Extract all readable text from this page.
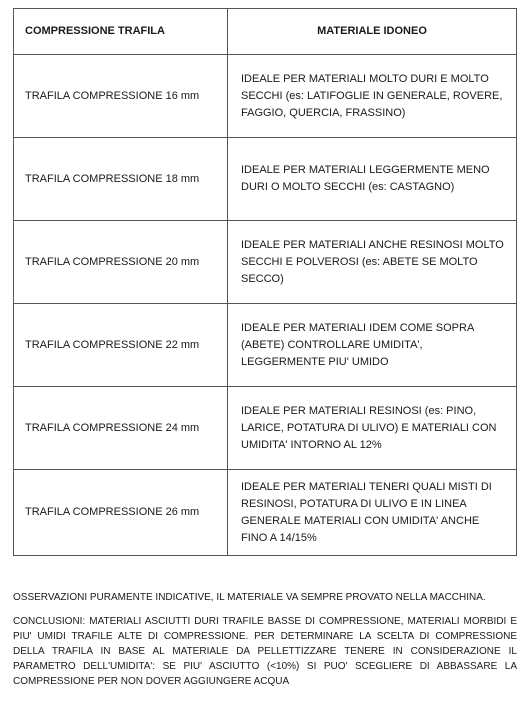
COMPRESSIONE TRAFILA	MATERIALE IDONEO
TRAFILA COMPRESSIONE 16 mm	IDEALE PER MATERIALI MOLTO DURI E MOLTO SECCHI (es: LATIFOGLIE IN GENERALE, ROVERE, FAGGIO, QUERCIA, FRASSINO)
TRAFILA COMPRESSIONE 18 mm	IDEALE PER MATERIALI LEGGERMENTE MENO DURI O MOLTO SECCHI (es: CASTAGNO)
TRAFILA COMPRESSIONE 20 mm	IDEALE PER MATERIALI ANCHE RESINOSI MOLTO SECCHI E POLVEROSI (es: ABETE SE MOLTO SECCO)
TRAFILA COMPRESSIONE 22 mm	IDEALE PER MATERIALI IDEM COME SOPRA (ABETE) CONTROLLARE UMIDITA', LEGGERMENTE PIU' UMIDO
TRAFILA COMPRESSIONE 24 mm	IDEALE PER MATERIALI RESINOSI (es: PINO, LARICE, POTATURA DI ULIVO) E MATERIALI CON UMIDITA' INTORNO AL 12%
TRAFILA COMPRESSIONE 26 mm	IDEALE PER MATERIALI TENERI QUALI MISTI DI RESINOSI, POTATURA DI ULIVO E IN LINEA GENERALE MATERIALI CON UMIDITA' ANCHE FINO A 14/15%

OSSERVAZIONI PURAMENTE INDICATIVE, IL MATERIALE VA SEMPRE PROVATO NELLA MACCHINA.

CONCLUSIONI: MATERIALI ASCIUTTI DURI TRAFILE BASSE DI COMPRESSIONE, MATERIALI MORBIDI E PIU' UMIDI TRAFILE ALTE DI COMPRESSIONE. PER DETERMINARE LA SCELTA DI COMPRESSIONE DELLA TRAFILA IN BASE AL MATERIALE DA PELLETTIZZARE TENERE IN CONSIDERAZIONE IL PARAMETRO DELL'UMIDITA': SE PIU' ASCIUTTO (<10%) SI PUO' SCEGLIERE DI ABBASSARE LA COMPRESSIONE PER NON DOVER AGGIUNGERE ACQUA
